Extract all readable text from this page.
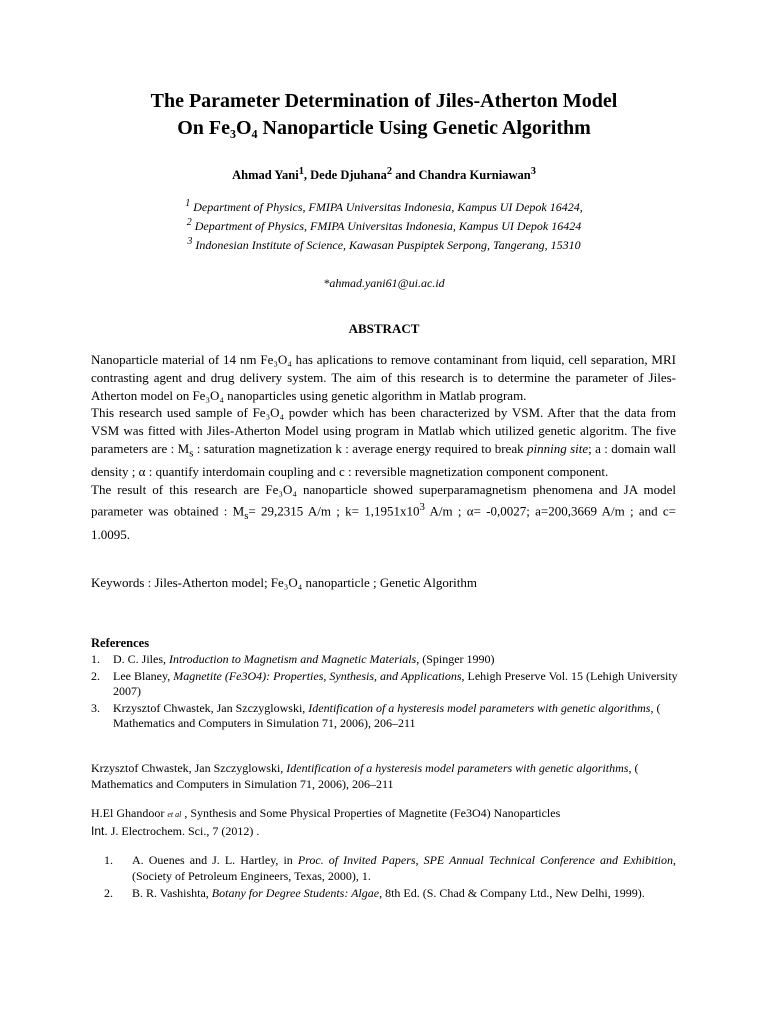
The Parameter Determination of Jiles-Atherton Model
On Fe₃O₄ Nanoparticle Using Genetic Algorithm
Ahmad Yani$^1$, Dede Djuhana$^2$ and Chandra Kurniawan$^3$
$^1$ Department of Physics, FMIPA Universitas Indonesia, Kampus UI Depok 16424,
$^2$ Department of Physics, FMIPA Universitas Indonesia, Kampus UI Depok 16424
$^3$ Indonesian Institute of Science, Kawasan Puspiptek Serpong, Tangerang, 15310
*ahmad.yani61@ui.ac.id
ABSTRACT

Nanoparticle material of 14 nm Fe₃O₄ has aplications to remove contaminant from liquid, cell separation, MRI contrasting agent and drug delivery system. The aim of this research is to determine the parameter of Jiles-Atherton model on Fe₃O₄ nanoparticles using genetic algorithm in Matlab program.

This research used sample of Fe₃O₄ powder which has been characterized by VSM. After that the data from VSM was fitted with Jiles-Atherton Model using program in Matlab which utilized genetic algoritm. The five parameters are : $M_s$ : saturation magnetization k : average energy required to break pinning site; a : domain wall density ; α : quantify interdomain coupling and c : reversible magnetization component component.

The result of this research are Fe₃O₄ nanoparticle showed superparamagnetism phenomena and JA model parameter was obtained : $M_s= 29,2315$ A/m ; $k= 1,1951x10^3$ A/m ; α= -0,0027; a=200,3669 A/m ; and c= 1.0095.

Keywords : Jiles-Atherton model; Fe₃O₄ nanoparticle ; Genetic Algorithm
References
1. D. C. Jiles, Introduction to Magnetism and Magnetic Materials, (Spinger 1990)
2. Lee Blaney, Magnetite (Fe3O4): Properties, Synthesis, and Applications, Lehigh Preserve Vol. 15 (Lehigh University 2007)
3. Krzysztof Chwastek, Jan Szczyglowski, Identification of a hysteresis model parameters with genetic algorithms, ( Mathematics and Computers in Simulation 71, 2006), 206–211
Krzysztof Chwastek, Jan Szczyglowski, Identification of a hysteresis model parameters with genetic algorithms, ( Mathematics and Computers in Simulation 71, 2006), 206–211
H.El Ghandoor et al , Synthesis and Some Physical Properties of Magnetite (Fe3O4) Nanoparticles
Int. J. Electrochem. Sci., 7 (2012) .
1. A. Ouenes and J. L. Hartley, in Proc. of Invited Papers, SPE Annual Technical Conference and Exhibition, (Society of Petroleum Engineers, Texas, 2000), 1.
2. B. R. Vashishta, Botany for Degree Students: Algae, 8th Ed. (S. Chad & Company Ltd., New Delhi, 1999).
